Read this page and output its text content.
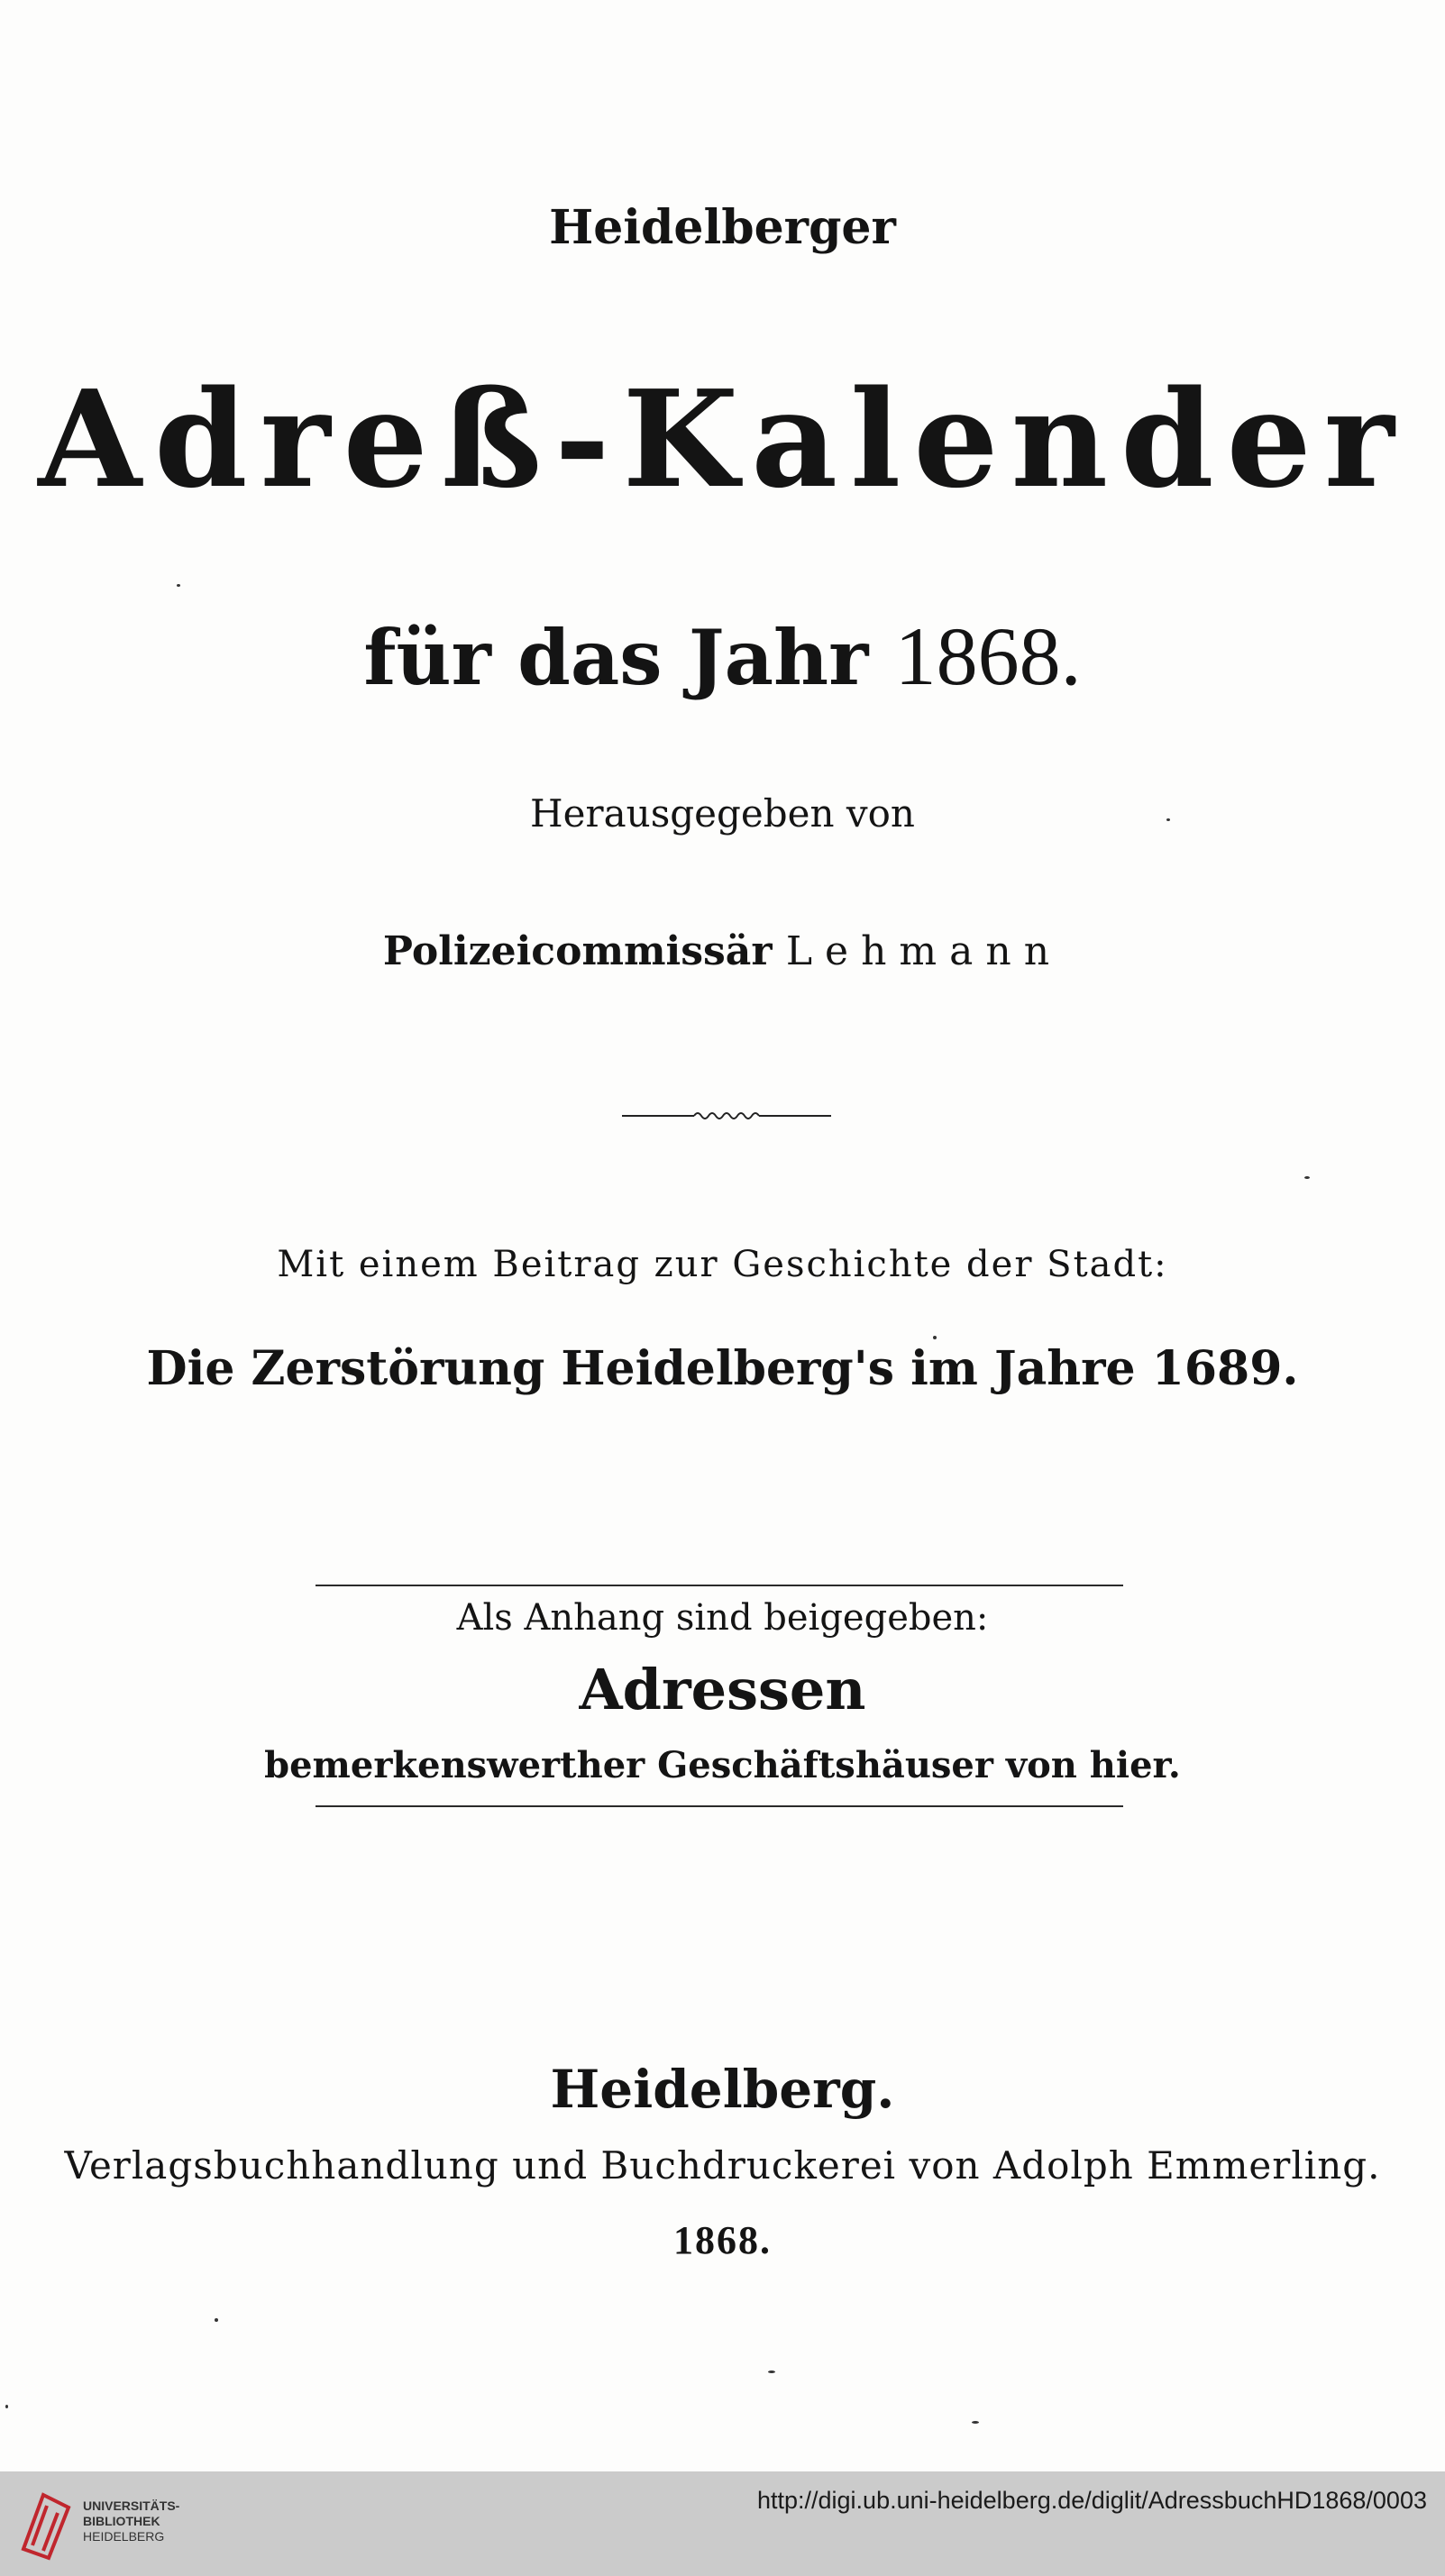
Heidelberger
Adreß-Kalender
für das Jahr 1868.
Herausgegeben von
Polizeicommissär Lehmann
Mit einem Beitrag zur Geschichte der Stadt:
Die Zerstörung Heidelberg's im Jahre 1689.
Als Anhang sind beigegeben:
Adressen
bemerkenswerther Geschäftshäuser von hier.
Heidelberg.
Verlagsbuchhandlung und Buchdruckerei von Adolph Emmerling.
1868.
UNIVERSITÄTS-
BIBLIOTHEK
HEIDELBERG
http://digi.ub.uni-heidelberg.de/diglit/AdressbuchHD1868/0003
